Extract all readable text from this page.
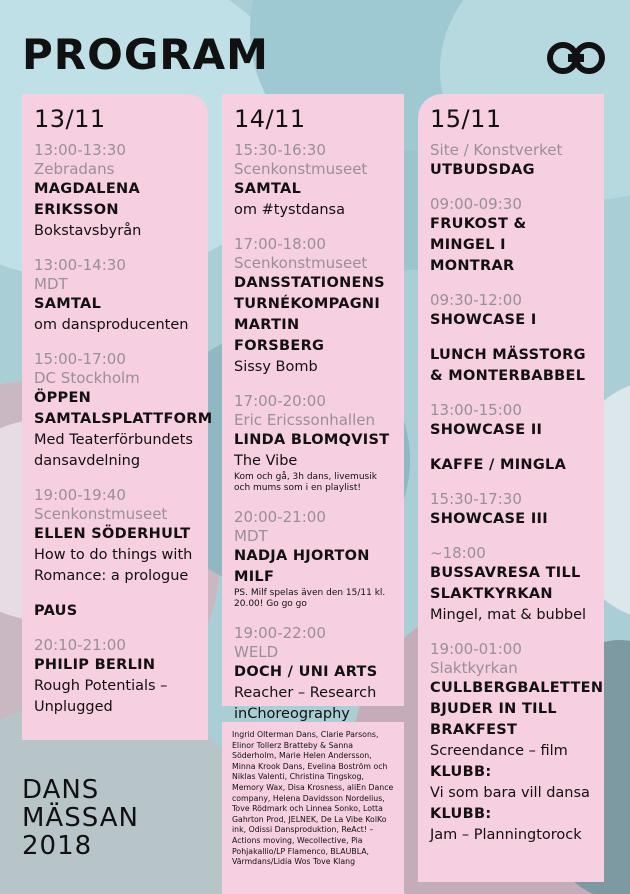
PROGRAM
13/11
13:00-13:30
Zebradans
MAGDALENA ERIKSSON
Bokstavsbyrån
13:00-14:30
MDT
SAMTAL
om dansproducenten
15:00-17:00
DC Stockholm
ÖPPEN SAMTALSPLATTFORM
Med Teaterförbundets dansavdelning
19:00-19:40
Scenkonstmuseet
ELLEN SÖDERHULT
How to do things with Romance: a prologue
PAUS
20:10-21:00
PHILIP BERLIN
Rough Potentials – Unplugged
14/11
15:30-16:30
Scenkonstmuseet
SAMTAL
om #tystdansa
17:00-18:00
Scenkonstmuseet
DANSSTATIONENS TURNÉKOMPAGNI
MARTIN FORSBERG
Sissy Bomb
17:00-20:00
Eric Ericssonhallen
LINDA BLOMQVIST
The Vibe
Kom och gå, 3h dans, livemusik och mums som i en playlist!
20:00-21:00
MDT
NADJA HJORTON
MILF
PS. Milf spelas även den 15/11 kl. 20.00! Go go go
19:00-22:00
WELD
DOCH / UNI ARTS
Reacher – Research inChoreography

Ingrid Olterman Dans, Clarie Parsons, Elinor Tollerz Bratteby & Sanna Söderholm, Marie Helen Andersson, Minna Krook Dans, Evelina Boström och Niklas Valenti, Christina Tingskog, Memory Wax, Disa Krosness, aliEn Dance company, Helena Davidsson Nordelius, Tove Rödmark och Linnea Sonko, Lotta Gahrton Prod, JELNEK, De La Vibe KolKo ink, Odissi Dansproduktion, ReAct! – Actions moving, Wecollective, Pia Pohjakallio/LP Flamenco, BLAUBLA, Värmdans/Lidia Wos Tove Klang

15/11
Site / Konstverket
UTBUDSDAG
09:00-09:30
FRUKOST & MINGEL I MONTRAR
09:30-12:00
SHOWCASE I
LUNCH MÄSSTORG & MONTERBABBEL
13:00-15:00
SHOWCASE II
KAFFE / MINGLA
15:30-17:30
SHOWCASE III
~18:00
BUSSAVRESA TILL SLAKTKYRKAN
Mingel, mat & bubbel
19:00-01:00
Slaktkyrkan
CULLBERGBALETTEN BJUDER IN TILL BRAKFEST
Screendance – film
KLUBB:
Vi som bara vill dansa
KLUBB:
Jam – Planningtorock
DANS
MÄSSAN
2018
